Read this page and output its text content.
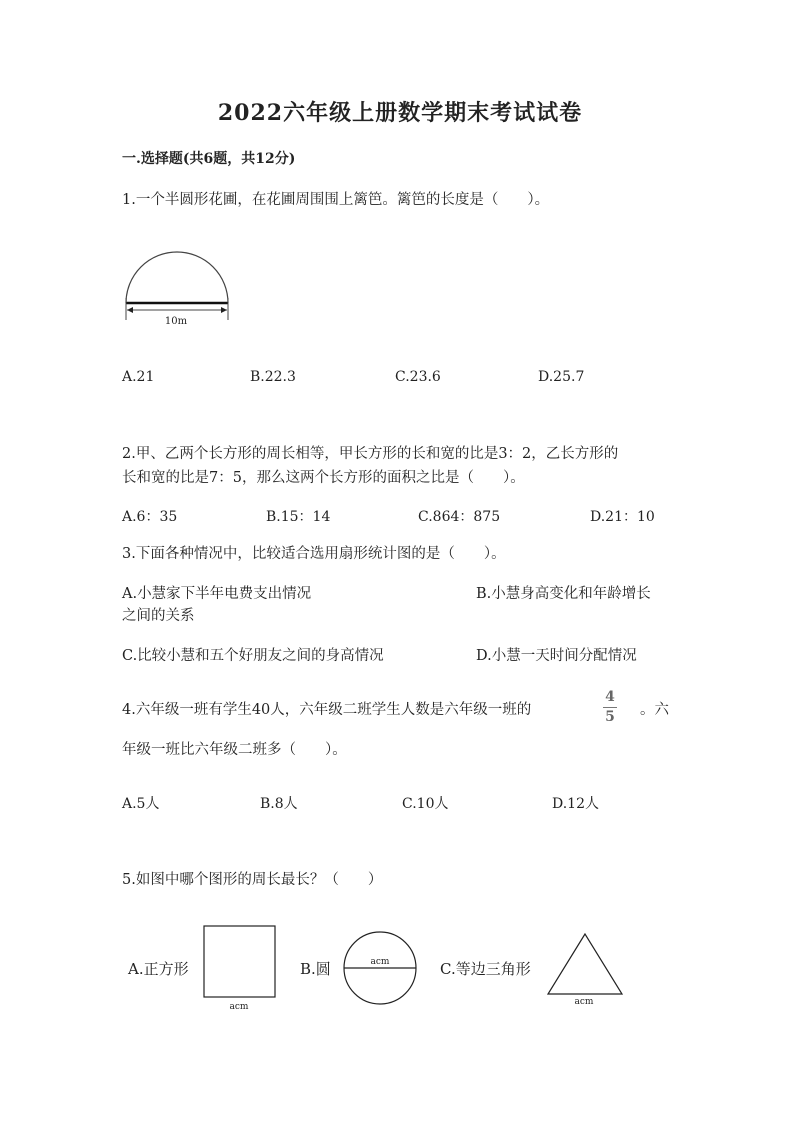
2022六年级上册数学期末考试试卷
一.选择题(共6题，共12分)
1.一个半圆形花圃，在花圃周围围上篱笆。篱笆的长度是（　　）。
10m
A.21	B.22.3	C.23.6	D.25.7
2.甲、乙两个长方形的周长相等，甲长方形的长和宽的比是3：2，乙长方形的
长和宽的比是7：5，那么这两个长方形的面积之比是（　　）。
A.6：35	B.15：14	C.864：875	D.21：10
3.下面各种情况中，比较适合选用扇形统计图的是（　　）。
A.小慧家下半年电费支出情况	B.小慧身高变化和年龄增长
之间的关系
C.比较小慧和五个好朋友之间的身高情况	D.小慧一天时间分配情况
4.六年级一班有学生40人，六年级二班学生人数是六年级一班的
4
5 。六
年级一班比六年级二班多（　　）。
A.5人	B.8人	C.10人	D.12人
5.如图中哪个图形的周长最长？（　　）
A.正方形
acm
B.圆	acm	C.等边三角形
acm
